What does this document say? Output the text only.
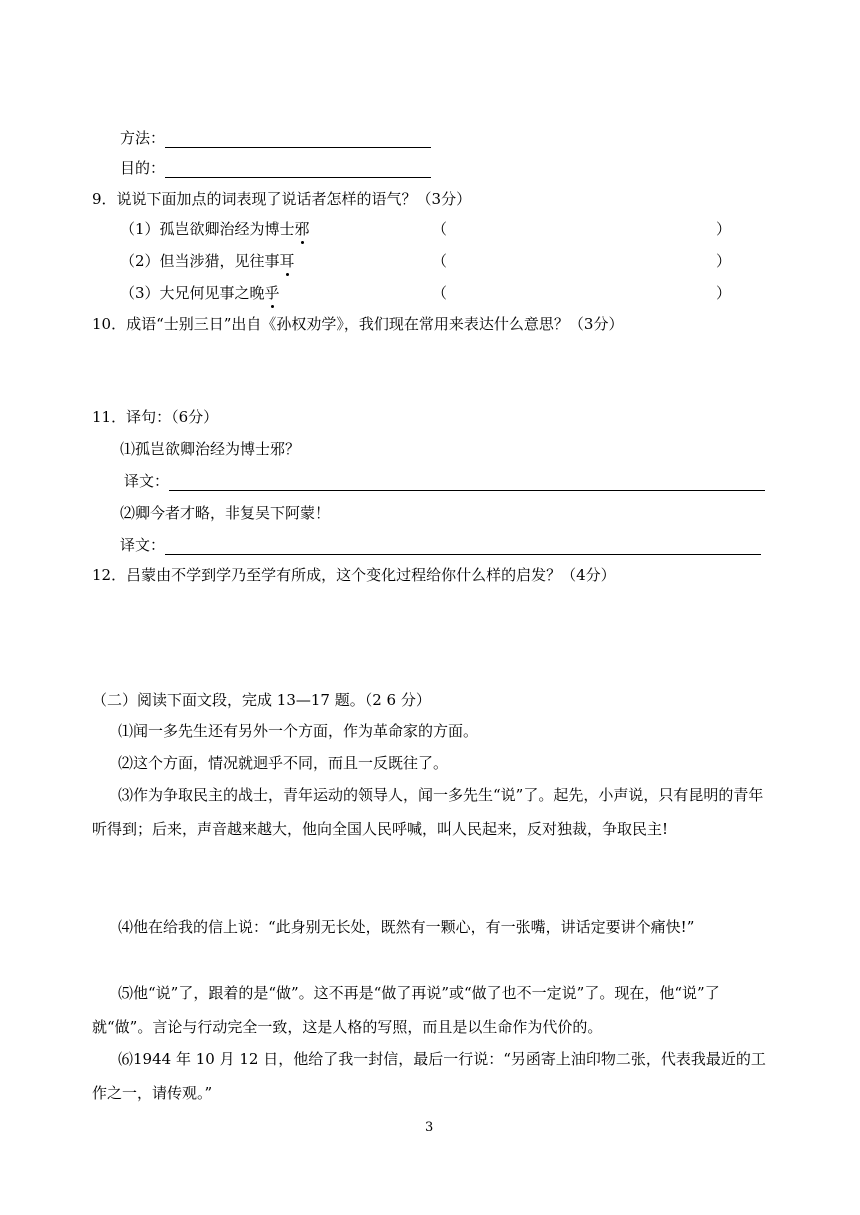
方法：
目的：
9．说说下面加点的词表现了说话者怎样的语气？（3分）
（1）孤岂欲卿治经为博士邪	（	）
（2）但当涉猎，见往事耳	（	）
（3）大兄何见事之晚乎	（	）
10．成语“士别三日”出自《孙权劝学》，我们现在常用来表达什么意思？（3分）
11．译句：（6分）
⑴孤岂欲卿治经为博士邪？
译文：
⑵卿今者才略，非复吴下阿蒙！
译文：
12．吕蒙由不学到学乃至学有所成，这个变化过程给你什么样的启发？（4分）
（二）阅读下面文段，完成 13—17 题。（2 6 分）
⑴闻一多先生还有另外一个方面，作为革命家的方面。
⑵这个方面，情况就迥乎不同，而且一反既往了。
⑶作为争取民主的战士，青年运动的领导人，闻一多先生“说”了。起先，小声说，只有昆明的青年听得到；后来，声音越来越大，他向全国人民呼喊，叫人民起来，反对独裁，争取民主!
⑷他在给我的信上说：“此身别无长处，既然有一颗心，有一张嘴，讲话定要讲个痛快!”
⑸他“说”了，跟着的是“做”。这不再是“做了再说”或“做了也不一定说”了。现在，他“说”了就“做”。言论与行动完全一致，这是人格的写照，而且是以生命作为代价的。
⑹1944 年 10 月 12 日，他给了我一封信，最后一行说：“另函寄上油印物二张，代表我最近的工作之一，请传观。”
3
